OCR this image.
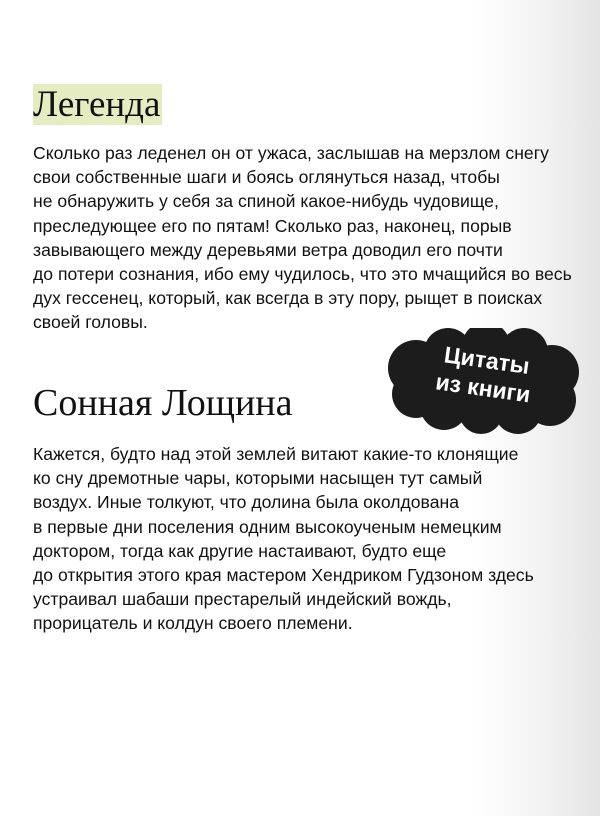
Легенда
Сколько раз леденел он от ужаса, заслышав на мерзлом снегу
свои собственные шаги и боясь оглянуться назад, чтобы
не обнаружить у себя за спиной какое-нибудь чудовище,
преследующее его по пятам! Сколько раз, наконец, порыв
завывающего между деревьями ветра доводил его почти
до потери сознания, ибо ему чудилось, что это мчащийся во весь
дух гессенец, который, как всегда в эту пору, рыщет в поисках
своей головы.
Цитаты
из книги
Сонная Лощина
Кажется, будто над этой землей витают какие-то клонящие
ко сну дремотные чары, которыми насыщен тут самый
воздух. Иные толкуют, что долина была околдована
в первые дни поселения одним высокоученым немецким
доктором, тогда как другие настаивают, будто еще
до открытия этого края мастером Хендриком Гудзоном здесь
устраивал шабаши престарелый индейский вождь,
прорицатель и колдун своего племени.
